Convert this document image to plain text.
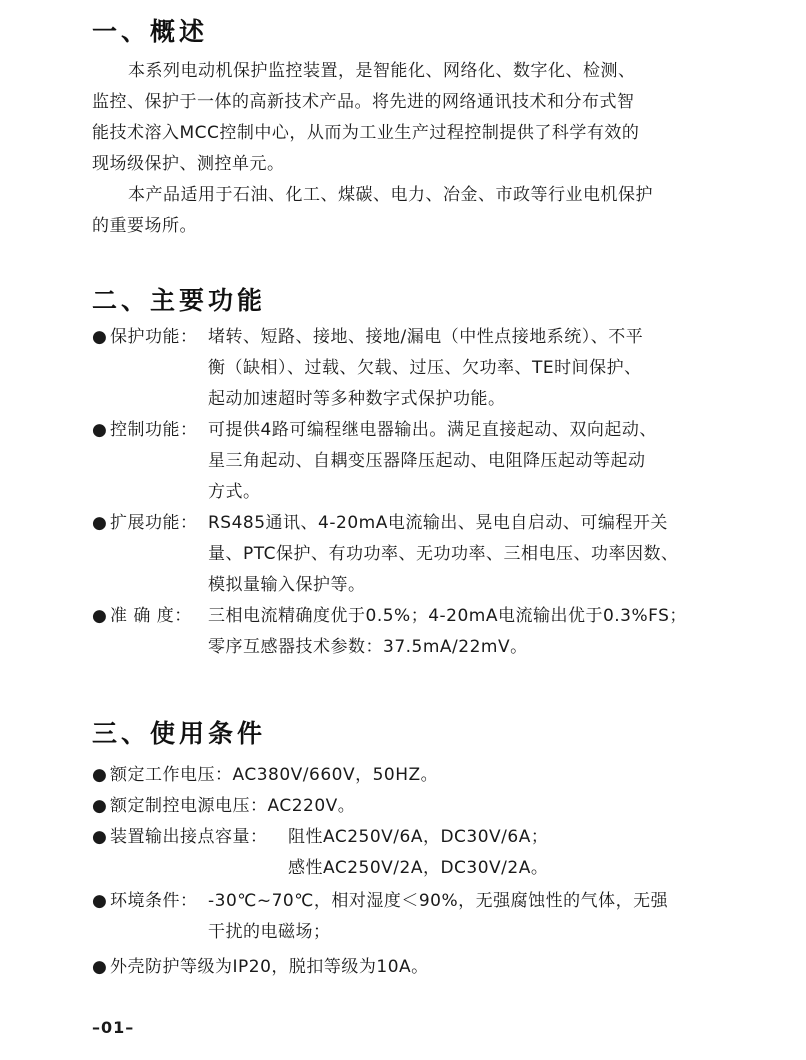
一、概述
本系列电动机保护监控装置，是智能化、网络化、数字化、检测、
监控、保护于一体的高新技术产品。将先进的网络通讯技术和分布式智
能技术溶入MCC控制中心，从而为工业生产过程控制提供了科学有效的
现场级保护、测控单元。
本产品适用于石油、化工、煤碳、电力、冶金、市政等行业电机保护
的重要场所。
二、主要功能
● 保护功能： 堵转、短路、接地、接地/漏电（中性点接地系统）、不平
衡（缺相）、过载、欠载、过压、欠功率、TE时间保护、
起动加速超时等多种数字式保护功能。
● 控制功能： 可提供4路可编程继电器输出。满足直接起动、双向起动、
星三角起动、自耦变压器降压起动、电阻降压起动等起动
方式。
● 扩展功能： RS485通讯、4-20mA电流输出、晃电自启动、可编程开关
量、PTC保护、有功功率、无功功率、三相电压、功率因数、
模拟量输入保护等。
● 准 确 度： 三相电流精确度优于0.5%；4-20mA电流输出优于0.3%FS；
零序互感器技术参数：37.5mA/22mV。
三、使用条件
● 额定工作电压：AC380V/660V，50HZ。
● 额定制控电源电压：AC220V。
● 装置输出接点容量： 阻性AC250V/6A，DC30V/6A；
感性AC250V/2A，DC30V/2A。
● 环境条件： -30℃~70℃，相对湿度＜90%，无强腐蚀性的气体，无强
干扰的电磁场；
● 外壳防护等级为IP20，脱扣等级为10A。
–01–
